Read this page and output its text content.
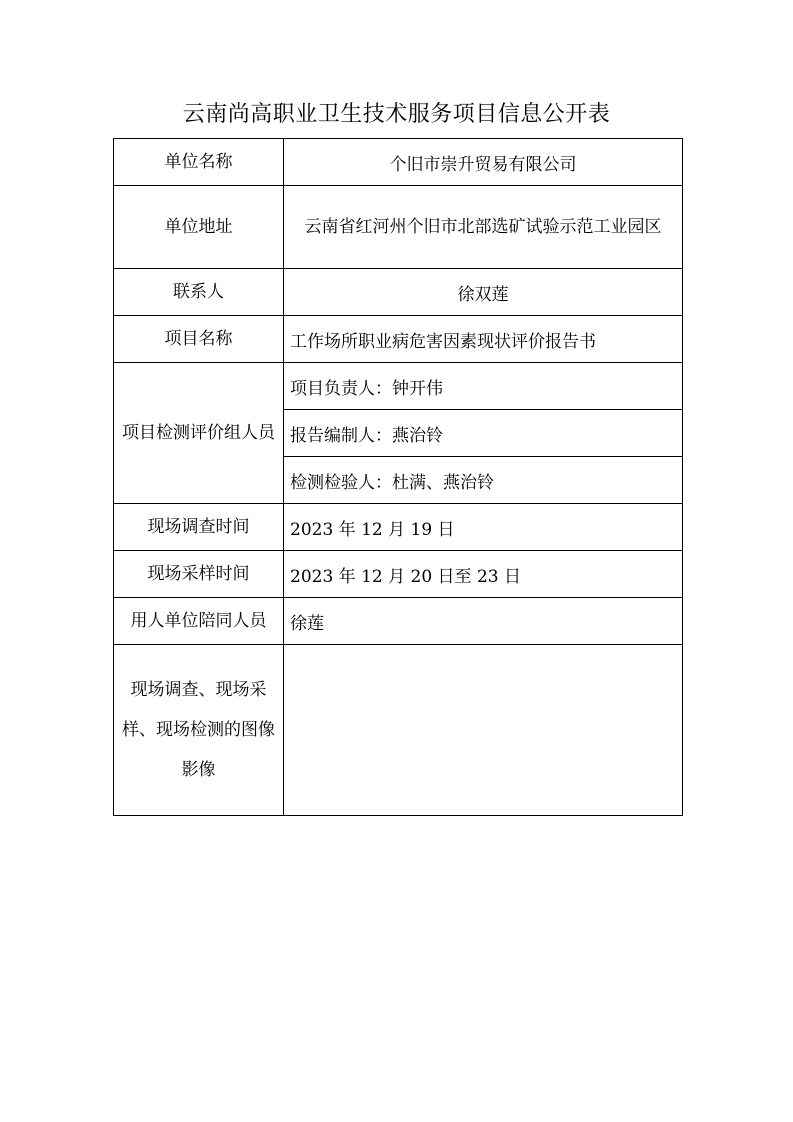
云南尚高职业卫生技术服务项目信息公开表
单位名称	个旧市崇升贸易有限公司
单位地址	云南省红河州个旧市北部选矿试验示范工业园区
联系人	徐双莲
项目名称	工作场所职业病危害因素现状评价报告书
项目检测评价组人员	项目负责人：钟开伟
	报告编制人：燕治铃
	检测检验人：杜满、燕治铃
现场调查时间	2023 年 12 月 19 日
现场采样时间	2023 年 12 月 20 日至 23 日
用人单位陪同人员	徐莲
现场调查、现场采样、现场检测的图像影像	
